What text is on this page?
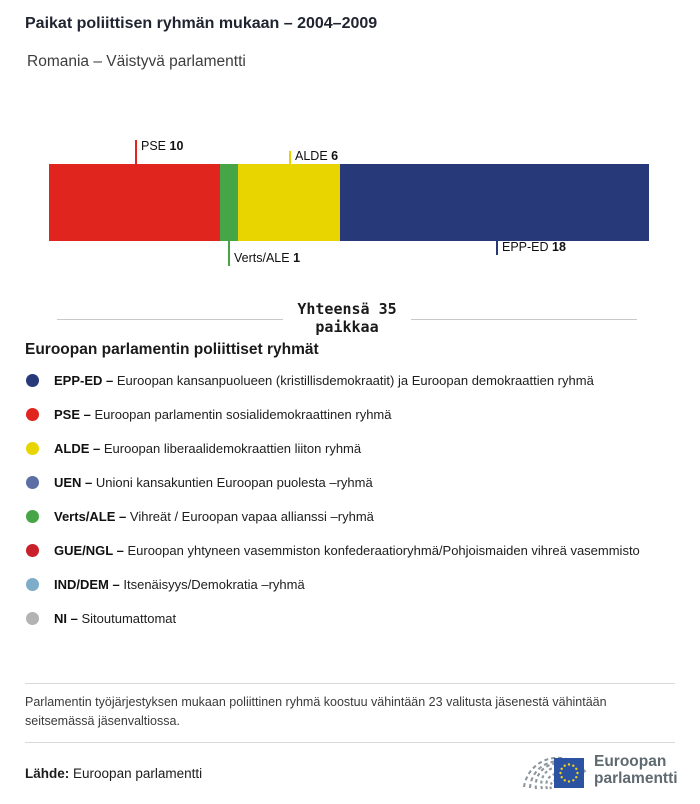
Paikat poliittisen ryhmän mukaan – 2004–2009
Romania – Väistyvä parlamentti
PSE 10
ALDE 6
Verts/ALE 1
EPP-ED 18
Yhteensä 35
paikkaa
Euroopan parlamentin poliittiset ryhmät
EPP-ED – Euroopan kansanpuolueen (kristillisdemokraatit) ja Euroopan demokraattien ryhmä
PSE – Euroopan parlamentin sosialidemokraattinen ryhmä
ALDE – Euroopan liberaalidemokraattien liiton ryhmä
UEN – Unioni kansakuntien Euroopan puolesta –ryhmä
Verts/ALE – Vihreät / Euroopan vapaa allianssi –ryhmä
GUE/NGL – Euroopan yhtyneen vasemmiston konfederaatioryhmä/Pohjoismaiden vihreä vasemmisto
IND/DEM – Itsenäisyys/Demokratia –ryhmä
NI – Sitoutumattomat
Parlamentin työjärjestyksen mukaan poliittinen ryhmä koostuu vähintään 23 valitusta jäsenestä vähintään seitsemässä jäsenvaltiossa.
Lähde: Euroopan parlamentti
Euroopan
parlamentti
